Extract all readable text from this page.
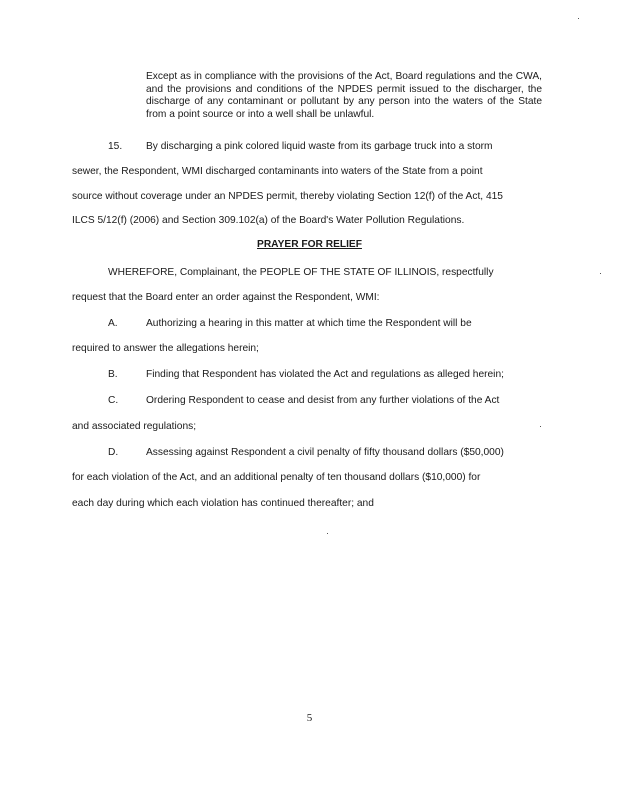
Except as in compliance with the provisions of the Act, Board regulations and the CWA, and the provisions and conditions of the NPDES permit issued to the discharger, the discharge of any contaminant or pollutant by any person into the waters of the State from a point source or into a well shall be unlawful.
15. By discharging a pink colored liquid waste from its garbage truck into a storm
sewer, the Respondent, WMI discharged contaminants into waters of the State from a point
source without coverage under an NPDES permit, thereby violating Section 12(f) of the Act, 415
ILCS 5/12(f) (2006) and Section 309.102(a) of the Board's Water Pollution Regulations.
PRAYER FOR RELIEF
WHEREFORE, Complainant, the PEOPLE OF THE STATE OF ILLINOIS, respectfully
request that the Board enter an order against the Respondent, WMI:
A.	Authorizing a hearing in this matter at which time the Respondent will be
required to answer the allegations herein;
B.	Finding that Respondent has violated the Act and regulations as alleged herein;
C.	Ordering Respondent to cease and desist from any further violations of the Act
and associated regulations;
D.	Assessing against Respondent a civil penalty of fifty thousand dollars ($50,000)
for each violation of the Act, and an additional penalty of ten thousand dollars ($10,000) for
each day during which each violation has continued thereafter; and
5
